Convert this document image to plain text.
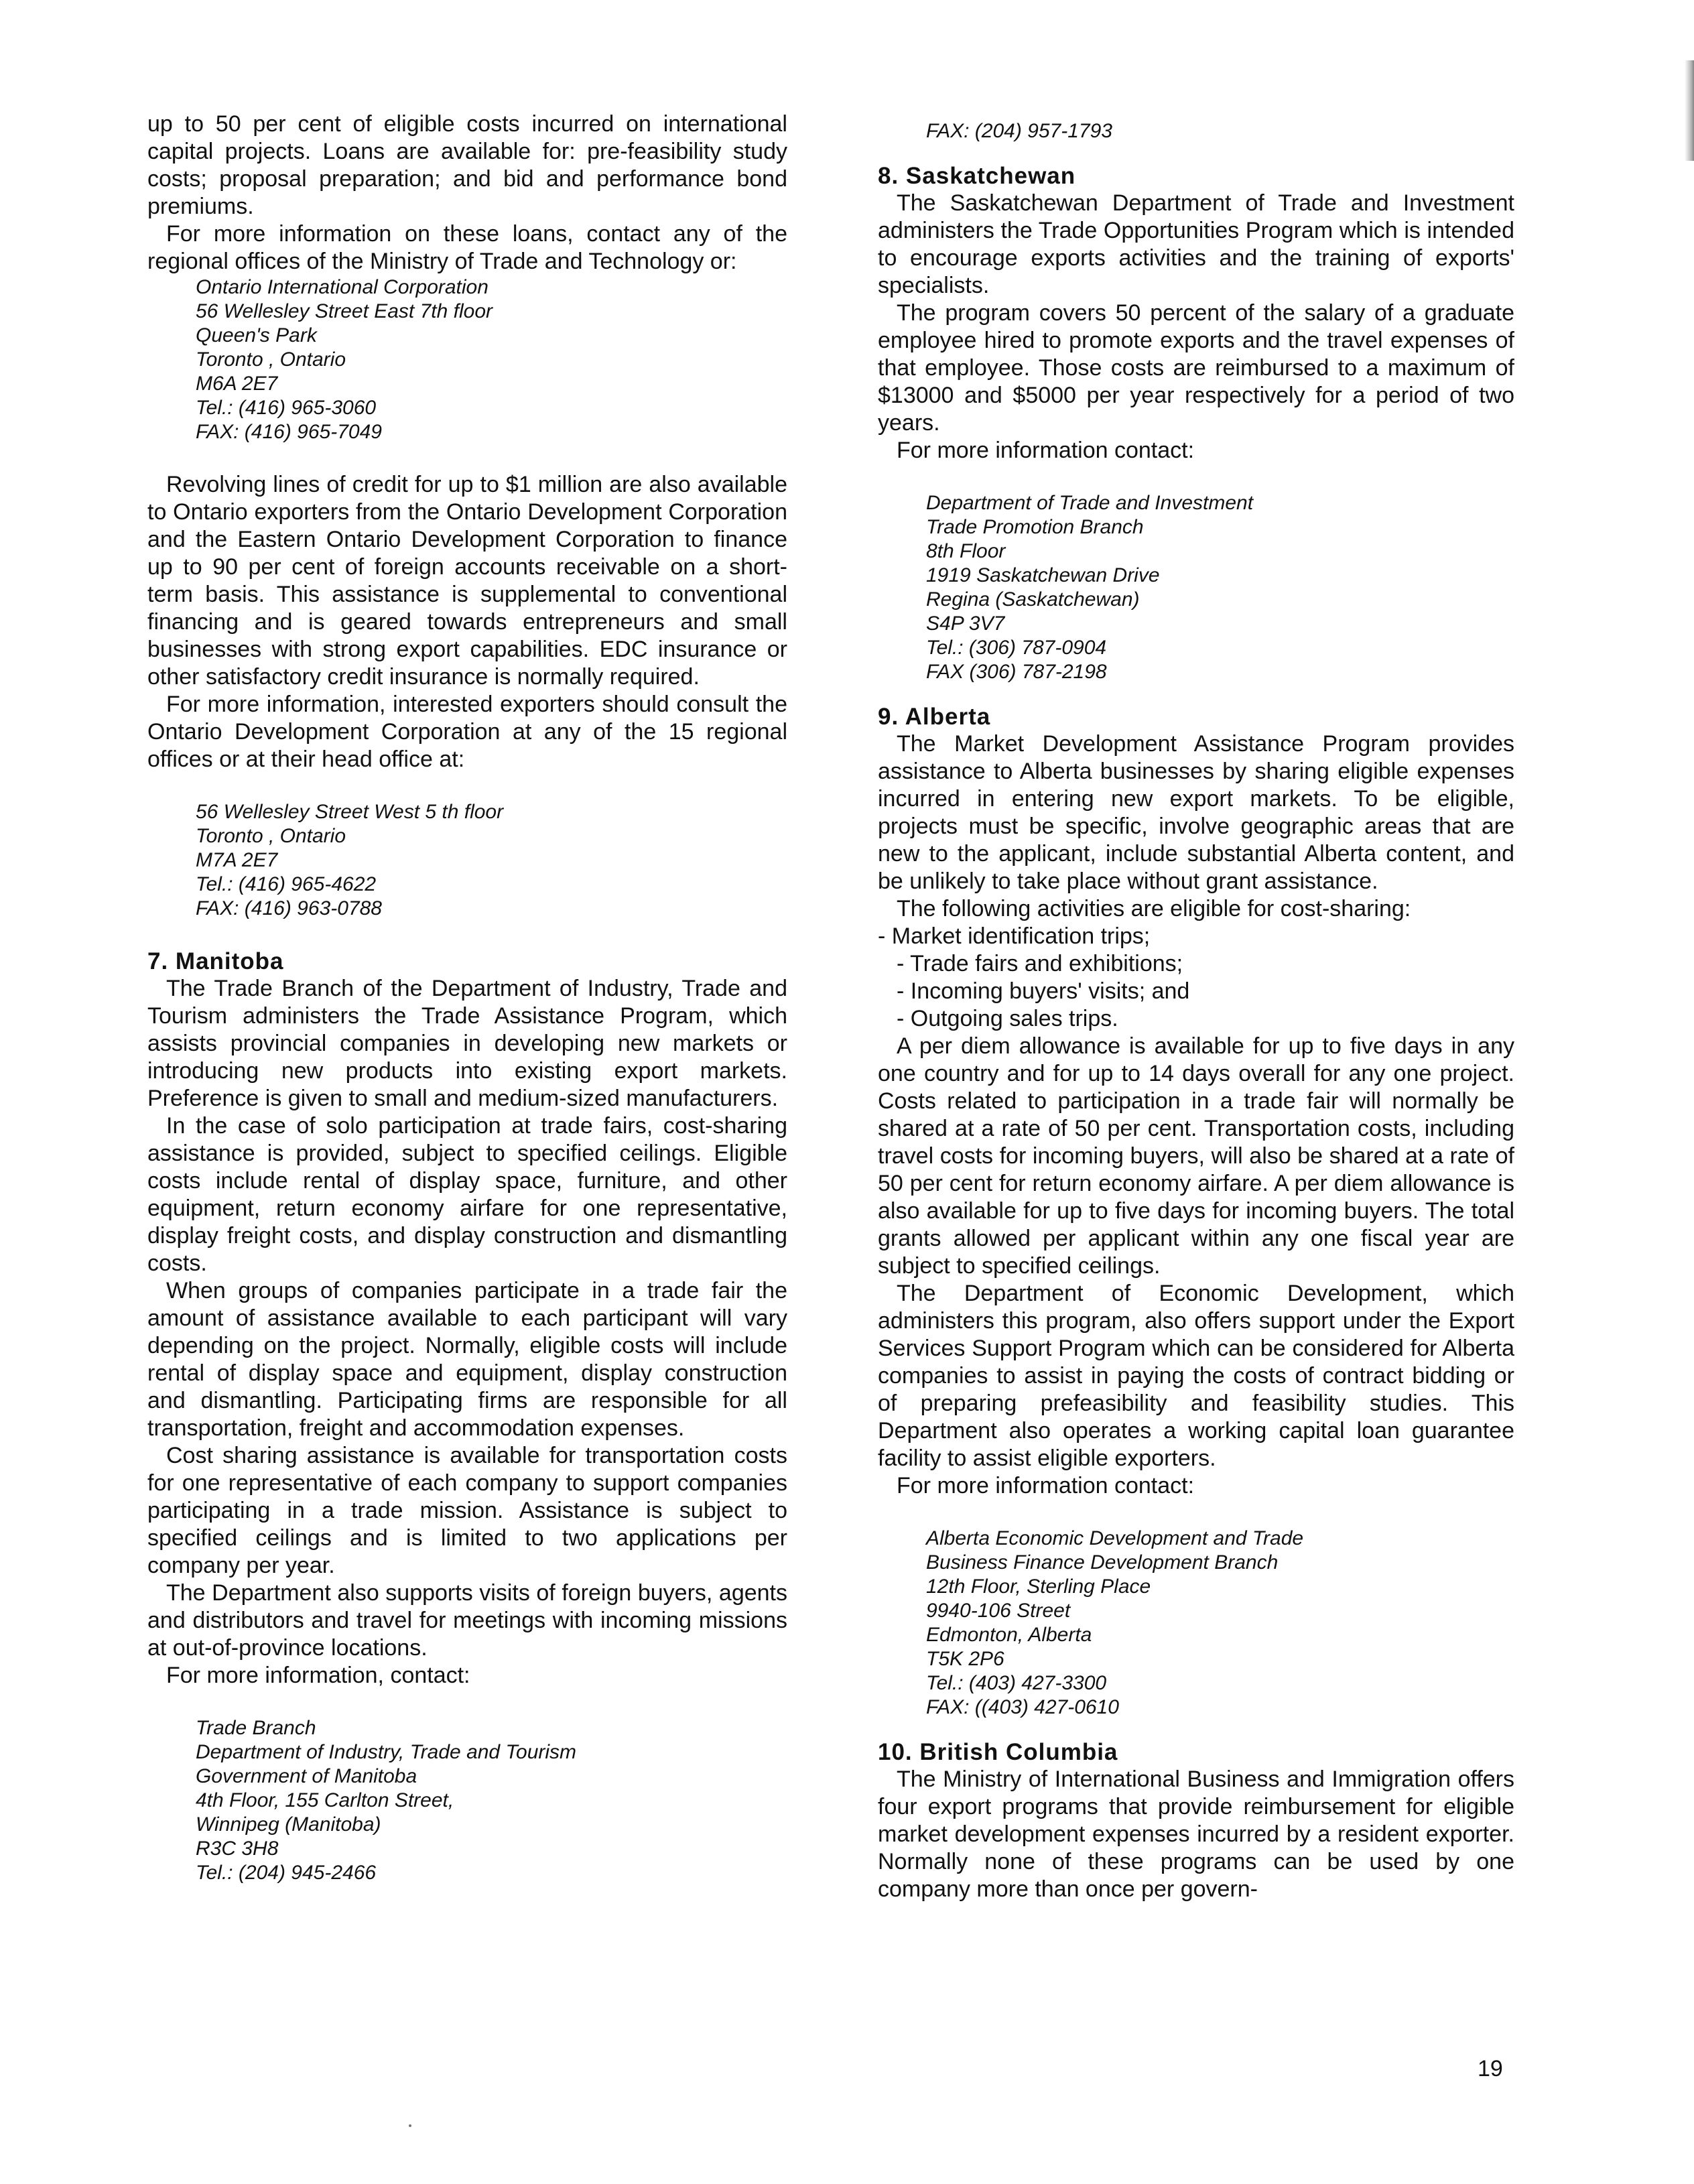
up to 50 per cent of eligible costs incurred on international capital projects. Loans are available for: pre-feasibility study costs; proposal preparation; and bid and performance bond premiums.

For more information on these loans, contact any of the regional offices of the Ministry of Trade and Technology or:

Ontario International Corporation
56 Wellesley Street East 7th floor
Queen's Park
Toronto , Ontario
M6A 2E7
Tel.: (416) 965-3060
FAX: (416) 965-7049

Revolving lines of credit for up to $1 million are also available to Ontario exporters from the Ontario Development Corporation and the Eastern Ontario Development Corporation to finance up to 90 per cent of foreign accounts receivable on a short-term basis. This assistance is supplemental to conventional financing and is geared towards entrepreneurs and small businesses with strong export capabilities. EDC insurance or other satisfactory credit insurance is normally required.

For more information, interested exporters should consult the Ontario Development Corporation at any of the 15 regional offices or at their head office at:

56 Wellesley Street West 5 th floor
Toronto , Ontario
M7A 2E7
Tel.: (416) 965-4622
FAX: (416) 963-0788
7. Manitoba

The Trade Branch of the Department of Industry, Trade and Tourism administers the Trade Assistance Program, which assists provincial companies in developing new markets or introducing new products into existing export markets. Preference is given to small and medium-sized manufacturers.

In the case of solo participation at trade fairs, cost-sharing assistance is provided, subject to specified ceilings. Eligible costs include rental of display space, furniture, and other equipment, return economy airfare for one representative, display freight costs, and display construction and dismantling costs.

When groups of companies participate in a trade fair the amount of assistance available to each participant will vary depending on the project. Normally, eligible costs will include rental of display space and equipment, display construction and dismantling. Participating firms are responsible for all transportation, freight and accommodation expenses.

Cost sharing assistance is available for transportation costs for one representative of each company to support companies participating in a trade mission. Assistance is subject to specified ceilings and is limited to two applications per company per year.

The Department also supports visits of foreign buyers, agents and distributors and travel for meetings with incoming missions at out-of-province locations.

For more information, contact:

Trade Branch
Department of Industry, Trade and Tourism
Government of Manitoba
4th Floor, 155 Carlton Street,
Winnipeg (Manitoba)
R3C 3H8
Tel.: (204) 945-2466
FAX: (204) 957-1793
8. Saskatchewan

The Saskatchewan Department of Trade and Investment administers the Trade Opportunities Program which is intended to encourage exports activities and the training of exports' specialists.

The program covers 50 percent of the salary of a graduate employee hired to promote exports and the travel expenses of that employee. Those costs are reimbursed to a maximum of $13000 and $5000 per year respectively for a period of two years.

For more information contact:

Department of Trade and Investment
Trade Promotion Branch
8th Floor
1919 Saskatchewan Drive
Regina (Saskatchewan)
S4P 3V7
Tel.: (306) 787-0904
FAX (306) 787-2198
9. Alberta

The Market Development Assistance Program provides assistance to Alberta businesses by sharing eligible expenses incurred in entering new export markets. To be eligible, projects must be specific, involve geographic areas that are new to the applicant, include substantial Alberta content, and be unlikely to take place without grant assistance.

The following activities are eligible for cost-sharing:

- Market identification trips;
- Trade fairs and exhibitions;
- Incoming buyers' visits; and
- Outgoing sales trips.

A per diem allowance is available for up to five days in any one country and for up to 14 days overall for any one project. Costs related to participation in a trade fair will normally be shared at a rate of 50 per cent. Transportation costs, including travel costs for incoming buyers, will also be shared at a rate of 50 per cent for return economy airfare. A per diem allowance is also available for up to five days for incoming buyers. The total grants allowed per applicant within any one fiscal year are subject to specified ceilings.

The Department of Economic Development, which administers this program, also offers support under the Export Services Support Program which can be considered for Alberta companies to assist in paying the costs of contract bidding or of preparing prefeasibility and feasibility studies. This Department also operates a working capital loan guarantee facility to assist eligible exporters.

For more information contact:

Alberta Economic Development and Trade
Business Finance Development Branch
12th Floor, Sterling Place
9940-106 Street
Edmonton, Alberta
T5K 2P6
Tel.: (403) 427-3300
FAX: ((403) 427-0610
10. British Columbia

The Ministry of International Business and Immigration offers four export programs that provide reimbursement for eligible market development expenses incurred by a resident exporter. Normally none of these programs can be used by one company more than once per govern-

19
